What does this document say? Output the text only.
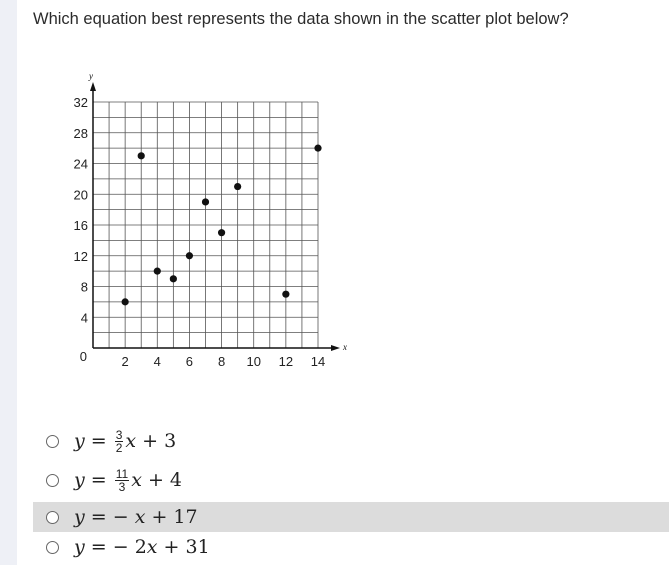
Which equation best represents the data shown in the scatter plot below?
x
y
2 4 6 8 10 12 14
4
8
12
16
20
24
28
32
0
$y = \frac{3}{2}$ x + 3
$y = \frac{11}{3}$ x + 4
y = − x + 17
y = − 2 x + 31
